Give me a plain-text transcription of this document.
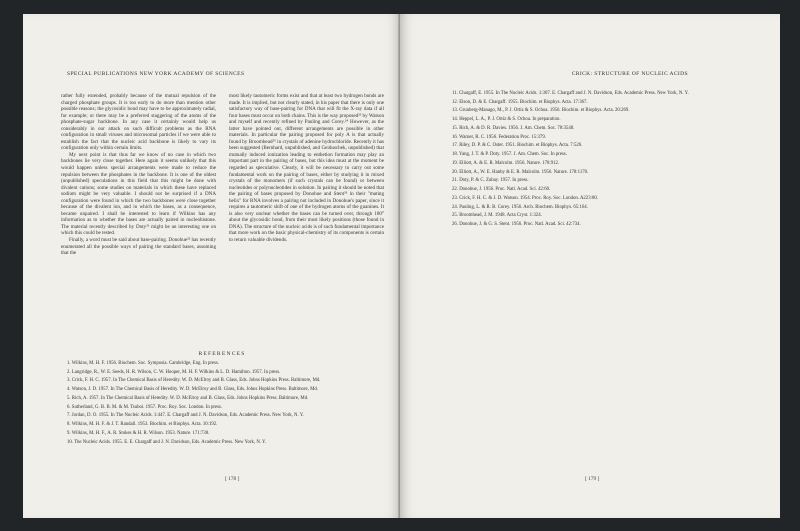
SPECIAL PUBLICATIONS NEW YORK ACADEMY OF SCIENCES

rather fully extended, probably because of the mutual repulsion of the charged phosphate groups. It is too early to do more than mention other possible reasons; the glycosidic bond may have to be approximately radial, for example; or there may be a preferred staggering of the atoms of the phosphate-sugar backbone. In any case it certainly would help us considerably in our attack on such difficult problems as the RNA configuration in small viruses and microsomal particles if we were able to establish the fact that the nucleic acid backbone is likely to vary its configuration only within certain limits.

My next point is that thus far we know of no case in which two backbones lie very close together. Here again it seems unlikely that this would happen unless special arrangements were made to reduce the repulsion between the phosphates in the backbone. It is one of the oldest (unpublished) speculations in this field that this might be done with divalent cations; some studies on materials in which these have replaced sodium might be very valuable. I should not be surprised if a DNA configuration were found in which the two backbones were close together because of the divalent ion, and in which the bases, as a consequence, became unpaired. I shall be interested to learn if Wilkins has any information as to whether the bases are actually paired in nucleohistone. The material recently described by Doty²¹ might be an interesting one on which this could be tested.

Finally, a word must be said about base-pairing. Donohue²² has recently enumerated all the possible ways of pairing the standard bases, assuming that the

most likely tautomeric forms exist and that at least two hydrogen bonds are made. It is implied, but not clearly stated, in his paper that there is only one satisfactory way of base-pairing for DNA that will fit the X-ray data if all four bases must occur on both chains. This is the way proposed²³ by Watson and myself and recently refined by Pauling and Corey.²⁴ However, as the latter have pointed out, different arrangements are possible in other materials. In particular the pairing proposed for poly A is that actually found by Broomhead²⁵ in crystals of adenine hydrochloride. Recently it has been suggested (Bernhard, unpublished, and Geiduschek, unpublished) that mutually induced ionization leading to enthetion formation may play an important part in the pairing of bases, but this idea must at the moment be regarded as speculative. Clearly, it will be necessary to carry out some fundamental work on the pairing of bases, either by studying it in mixed crystals of the monomers (if such crystals can be found) or between nucleotides or polynucleotides in solution. In pairing it should be noted that the pairing of bases proposed by Donohue and Stent²⁶ in their "mating helix" for RNA involves a pairing not included in Donohue's paper, since it requires a tautomeric shift of one of the hydrogen atoms of the guanines. It is also very unclear whether the bases can be turned over, through 180° about the glycosidic bond, from their most likely positions (those found in DNA). The structure of the nucleic acids is of such fundamental importance that more work on the basic physical-chemistry of its components is certain to return valuable dividends.

REFERENCES
1. Wilkins, M. H. F. 1956. Biochem. Soc. Symposia. Cambridge, Eng. In press.
2. Langridge, R., W. E. Seeds, H. R. Wilson, C. W. Hooper, M. H. F. Wilkins & L. D. Hamilton. 1957. In press.
3. Crick, F. H. C. 1957. In The Chemical Basis of Heredity. W. D. McElroy and B. Glass, Eds. Johns Hopkins Press. Baltimore, Md.
4. Watson, J. D. 1957. In The Chemical Basis of Heredity. W. D. McElroy and B. Glass, Eds. Johns Hopkins Press. Baltimore, Md.
5. Rich, A. 1957. In The Chemical Basis of Heredity. W. D. McElroy and B. Glass, Eds. Johns Hopkins Press. Baltimore, Md.
6. Sutherland, G. B. B. M. & M. Tsuboi. 1957. Proc. Roy. Soc. London. In press.
7. Jordan, D. O. 1955. In The Nucleic Acids. 1:447. E. Chargaff and J. N. Davidson, Eds. Academic Press. New York, N. Y.
8. Wilkins, M. H. F. & J. T. Randall. 1953. Biochim. et Biophys. Acta. 10:192.
9. Wilkins, M. H. F., A. R. Stokes & H. R. Wilson. 1953. Nature. 171:738.
10. The Nucleic Acids. 1955. E. E. Chargaff and J. N. Davidson, Eds. Academic Press. New York, N. Y.
[ 178 ]
CRICK: STRUCTURE OF NUCLEIC ACIDS
11. Chargaff, E. 1955. In The Nucleic Acids. 1:307. E. Chargaff and J. N. Davidson, Eds. Academic Press. New York, N. Y.
12. Elson, D. & E. Chargaff. 1955. Biochim. et Biophys. Acta. 17:367.
13. Grunberg-Manago, M., P. J. Ortiz & S. Ochoa. 1956. Biochim. et Biophys. Acta. 20:269.
14. Heppel, L. A., P. J. Ortiz & S. Ochoa. In preparation.
15. Rich, A. & D. R. Davies. 1956. J. Am. Chem. Soc. 78:3548.
16. Warner, R. C. 1956. Federation Proc. 15:379.
17. Riley, D. P. & C. Oster. 1951. Biochim. et Biophys. Acta. 7:526.
18. Yang, J. T. & P. Doty. 1957. J. Am. Chem. Soc. In press.
19. Elliott, A. & E. R. Malcolm. 1956. Nature. 178:912.
20. Elliott, A., W. E. Hanby & E. R. Malcolm. 1956. Nature. 178:1170.
21. Doty, P. & C. Zubay. 1957. In press.
22. Donohue, J. 1956. Proc. Natl. Acad. Sci. 42:60.
23. Crick, F. H. C. & J. D. Watson. 1954. Proc. Roy. Soc. London. A223:80.
24. Pauling, L. & R. B. Corey. 1956. Arch. Biochem. Biophys. 65:164.
25. Broomhead, J. M. 1948. Acta Cryst. 1:324.
26. Donohue, J. & G. S. Stent. 1956. Proc. Natl. Acad. Sci. 42:734.
[ 179 ]
